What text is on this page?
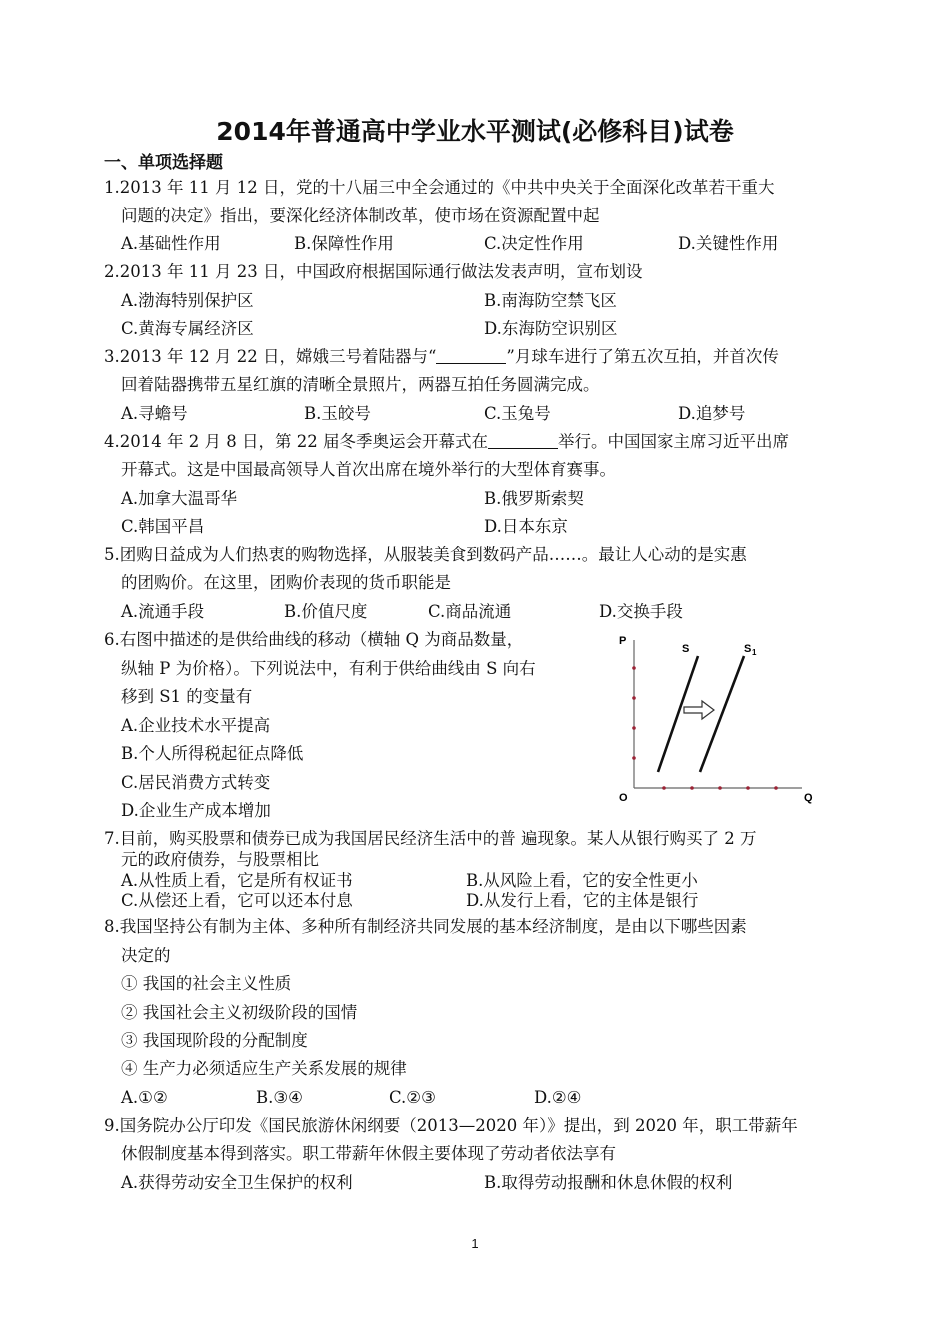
2014年普通高中学业水平测试(必修科目)试卷
一、单项选择题
1.2013 年 11 月 12 日，党的十八届三中全会通过的《中共中央关于全面深化改革若干重大
问题的决定》指出，要深化经济体制改革，使市场在资源配置中起
A.基础性作用	B.保障性作用	C.决定性作用	D.关键性作用
2.2013 年 11 月 23 日，中国政府根据国际通行做法发表声明，宣布划设
A.渤海特别保护区	B.南海防空禁飞区
C.黄海专属经济区	D.东海防空识别区
3.2013 年 12 月 22 日，嫦娥三号着陆器与“	”月球车进行了第五次互拍，并首次传
回着陆器携带五星红旗的清晰全景照片，两器互拍任务圆满完成。
A.寻蟾号	B.玉皎号	C.玉兔号	D.追梦号
4.2014 年 2 月 8 日，第 22 届冬季奥运会开幕式在	举行。中国国家主席习近平出席
开幕式。这是中国最高领导人首次出席在境外举行的大型体育赛事。
A.加拿大温哥华	B.俄罗斯索契
C.韩国平昌	D.日本东京
5.团购日益成为人们热衷的购物选择，从服装美食到数码产品……。最让人心动的是实惠
的团购价。在这里，团购价表现的货币职能是
A.流通手段	B.价值尺度	C.商品流通	D.交换手段
6.右图中描述的是供给曲线的移动（横轴 Q 为商品数量，
纵轴 P 为价格）。下列说法中，有利于供给曲线由 S 向右
移到 S1 的变量有
A.企业技术水平提高
B.个人所得税起征点降低
C.居民消费方式转变
D.企业生产成本增加
P
Q
O
S	S 1
7.目前，购买股票和债券已成为我国居民经济生活中的普 遍现象。某人从银行购买了 2 万
元的政府债券，与股票相比
A.从性质上看，它是所有权证书	B.从风险上看，它的安全性更小
C.从偿还上看，它可以还本付息	D.从发行上看，它的主体是银行
8.我国坚持公有制为主体、多种所有制经济共同发展的基本经济制度，是由以下哪些因素
决定的
① 我国的社会主义性质
② 我国社会主义初级阶段的国情
③ 我国现阶段的分配制度
④ 生产力必须适应生产关系发展的规律
A.①②	B.③④	C.②③	D.②④
9.国务院办公厅印发《国民旅游休闲纲要（2013—2020 年）》提出，到 2020 年，职工带薪年
休假制度基本得到落实。职工带薪年休假主要体现了劳动者依法享有
A.获得劳动安全卫生保护的权利	B.取得劳动报酬和休息休假的权利
1
